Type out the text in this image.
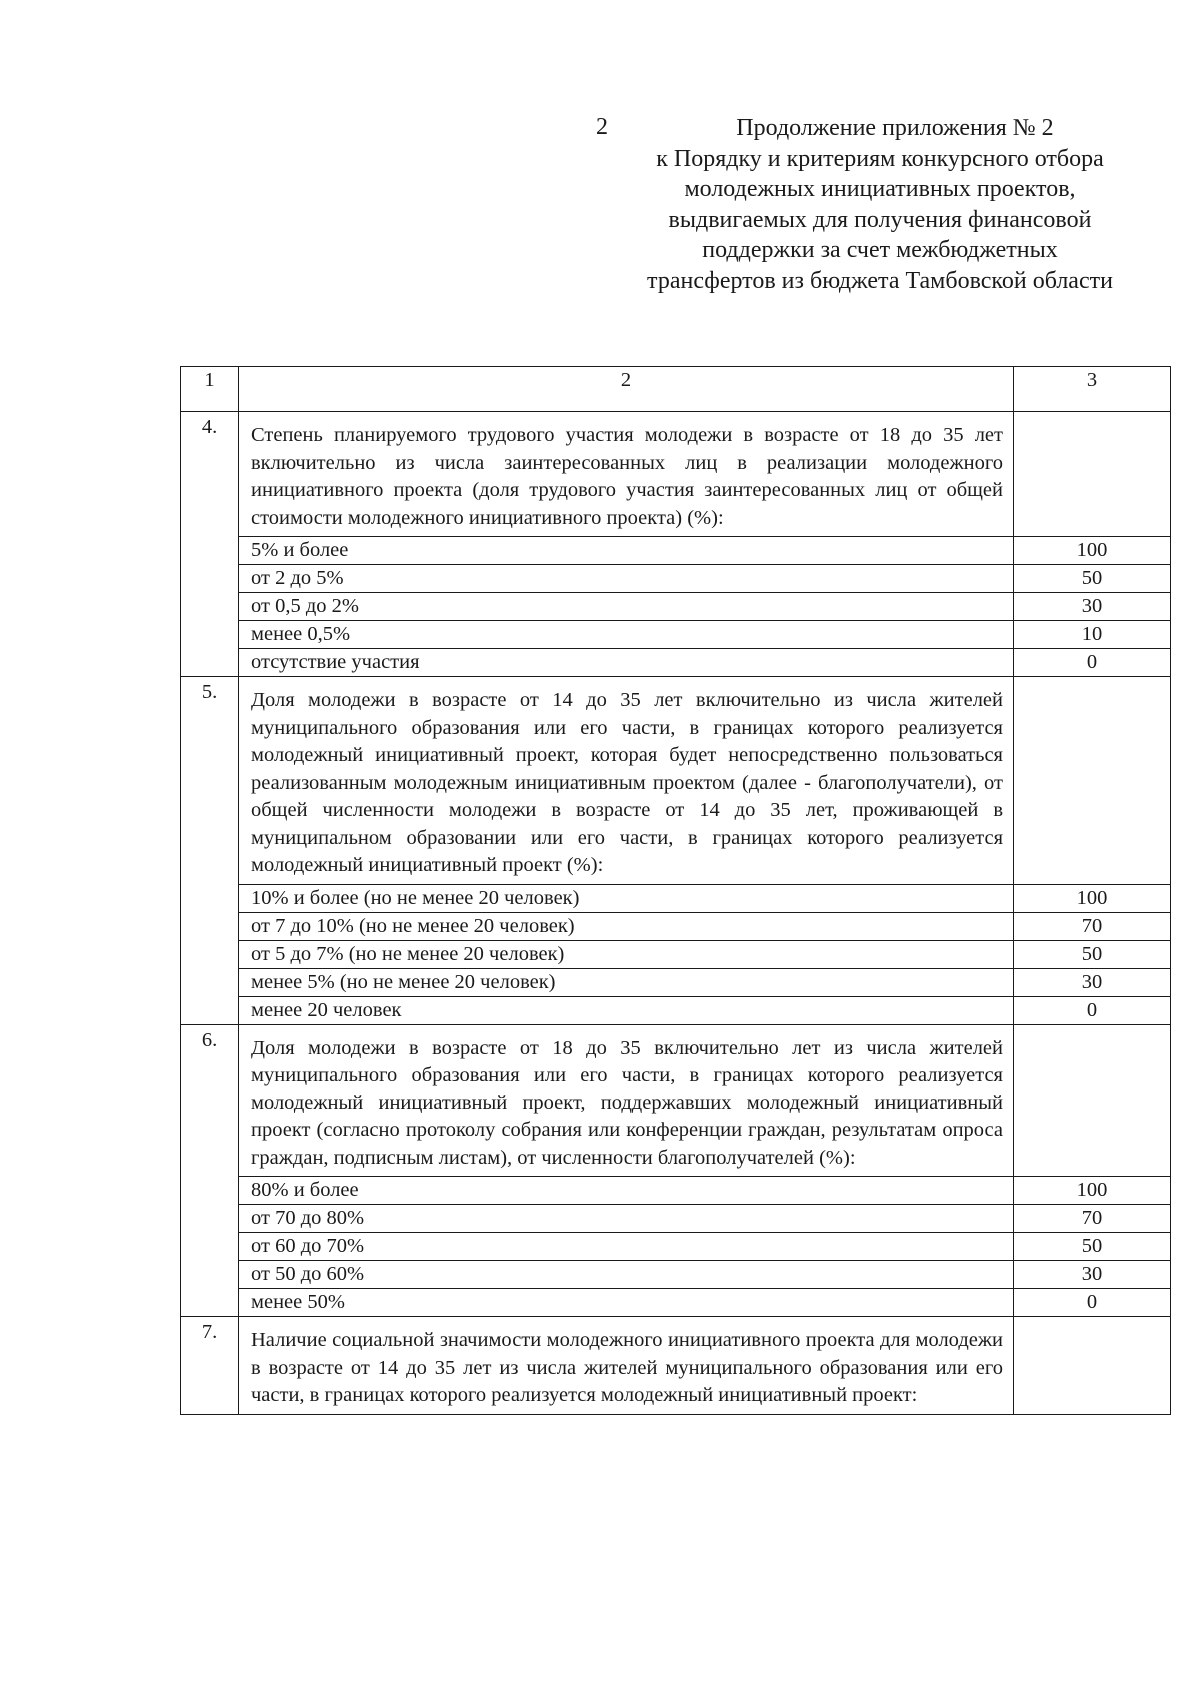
2	Продолжение приложения № 2
к Порядку и критериям конкурсного отбора
молодежных инициативных проектов,
выдвигаемых для получения финансовой
поддержки за счет межбюджетных
трансфертов из бюджета Тамбовской области
1	2	3

4.	Степень планируемого трудового участия молодежи в возрасте от 18 до 35 лет включительно из числа заинтересованных лиц в реализации молодежного инициативного проекта (доля трудового участия заинтересованных лиц от общей стоимости молодежного инициативного проекта) (%):	
	5% и более	100
	от 2 до 5%	50
	от 0,5 до 2%	30
	менее 0,5%	10
	отсутствие участия	0
5.	Доля молодежи в возрасте от 14 до 35 лет включительно из числа жителей муниципального образования или его части, в границах которого реализуется молодежный инициативный проект, которая будет непосредственно пользоваться реализованным молодежным инициативным проектом (далее - благополучатели), от общей численности молодежи в возрасте от 14 до 35 лет, проживающей в муниципальном образовании или его части, в границах которого реализуется молодежный инициативный проект (%):	
	10% и более (но не менее 20 человек)	100
	от 7 до 10% (но не менее 20 человек)	70
	от 5 до 7% (но не менее 20 человек)	50
	менее 5% (но не менее 20 человек)	30
	менее 20 человек	0
6.	Доля молодежи в возрасте от 18 до 35 включительно лет из числа жителей муниципального образования или его части, в границах которого реализуется молодежный инициативный проект, поддержавших молодежный инициативный проект (согласно протоколу собрания или конференции граждан, результатам опроса граждан, подписным листам), от численности благополучателей (%):	
	80% и более	100
	от 70 до 80%	70
	от 60 до 70%	50
	от 50 до 60%	30
	менее 50%	0
7.	Наличие социальной значимости молодежного инициативного проекта для молодежи в возрасте от 14 до 35 лет из числа жителей муниципального образования или его части, в границах которого реализуется молодежный инициативный проект:	
